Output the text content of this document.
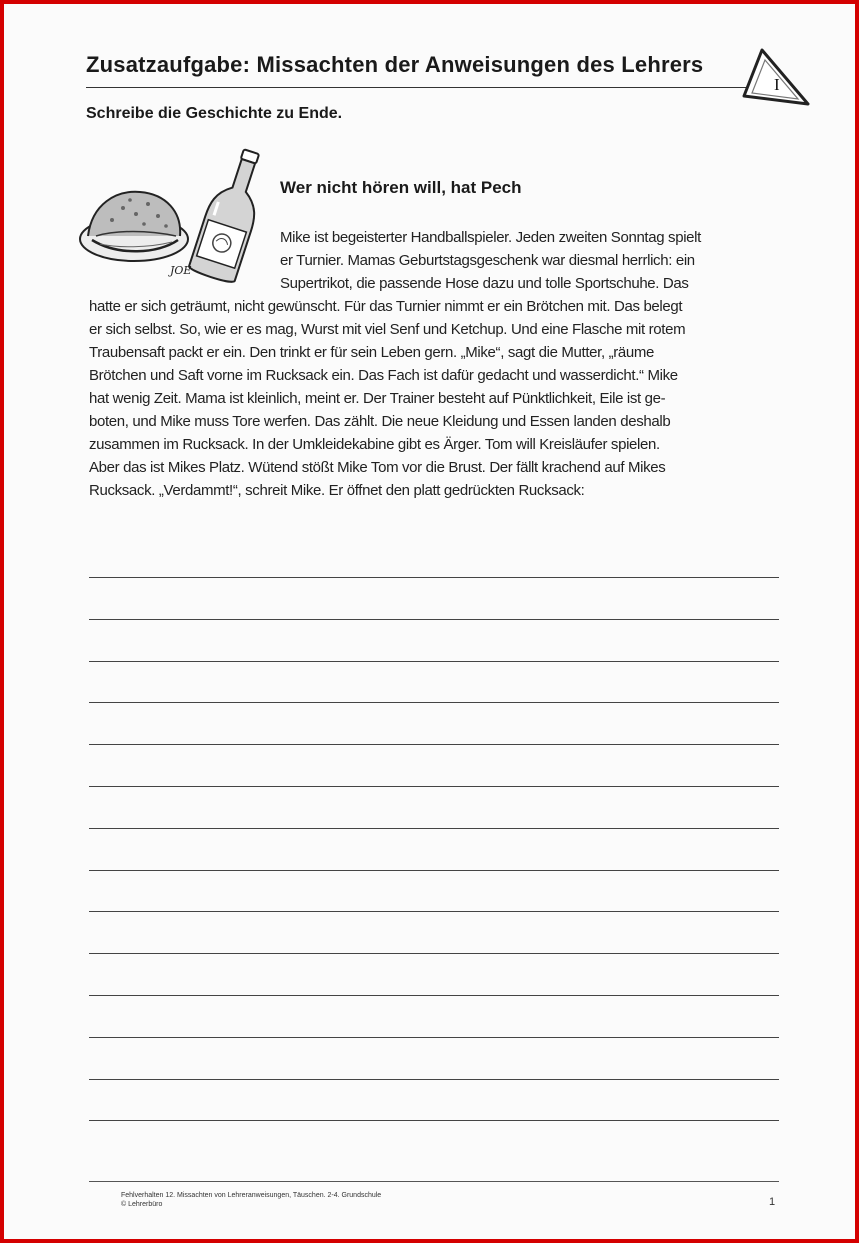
Zusatzaufgabe: Missachten der Anweisungen des Lehrers
I
Schreibe die Geschichte zu Ende.
JOE
Wer nicht hören will, hat Pech
Mike ist begeisterter Handballspieler. Jeden zweiten Sonntag spielt
er Turnier. Mamas Geburtstagsgeschenk war diesmal herrlich: ein
Supertrikot, die passende Hose dazu und tolle Sportschuhe. Das
hatte er sich geträumt, nicht gewünscht. Für das Turnier nimmt er ein Brötchen mit. Das belegt
er sich selbst. So, wie er es mag, Wurst mit viel Senf und Ketchup. Und eine Flasche mit rotem
Traubensaft packt er ein. Den trinkt er für sein Leben gern. „Mike“, sagt die Mutter, „räume
Brötchen und Saft vorne im Rucksack ein. Das Fach ist dafür gedacht und wasserdicht.“ Mike
hat wenig Zeit. Mama ist kleinlich, meint er. Der Trainer besteht auf Pünktlichkeit, Eile ist ge-
boten, und Mike muss Tore werfen. Das zählt. Die neue Kleidung und Essen landen deshalb
zusammen im Rucksack. In der Umkleidekabine gibt es Ärger. Tom will Kreisläufer spielen.
Aber das ist Mikes Platz. Wütend stößt Mike Tom vor die Brust. Der fällt krachend auf Mikes
Rucksack. „Verdammt!“, schreit Mike. Er öffnet den platt gedrückten Rucksack:
Fehlverhalten 12. Missachten von Lehreranweisungen, Täuschen. 2-4. Grundschule
© Lehrerbüro	1
